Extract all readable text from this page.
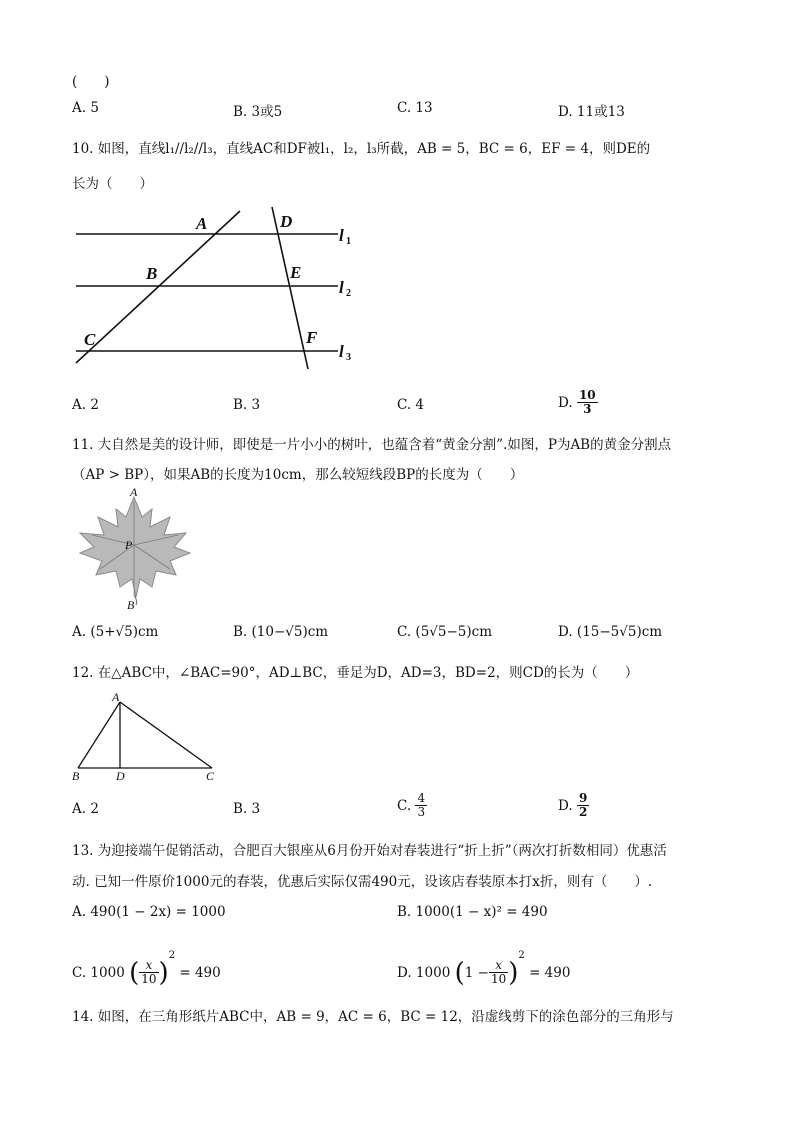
(　　)
A. 5	B. 3或5	C. 13	D. 11或13
10. 如图，直线l₁//l₂//l₃，直线AC和DF被l₁，l₂，l₃所截，AB = 5，BC = 6，EF = 4，则DE的
长为（　　）
A
B
C
D
E
F
l
l
l
1
2
3
A. 2	B. 3	C. 4	D. $\frac{10}{3}$
11. 大自然是美的设计师，即使是一片小小的树叶，也蕴含着“黄金分割”.如图，P为AB的黄金分割点
（AP > BP），如果AB的长度为10cm，那么较短线段BP的长度为（　　）
A
P
B
A. (5+√5)cm	B. (10−√5)cm	C. (5√5−5)cm	D. (15−5√5)cm
12. 在△ABC中，∠BAC=90°，AD⊥BC，垂足为D，AD=3，BD=2，则CD的长为（　　）
A
B	D	C
A. 2	B. 3	C. $\frac{4}{3}$	D. $\frac{9}{2}$
13. 为迎接端午促销活动，合肥百大银座从6月份开始对春装进行“折上折”（两次打折数相同）优惠活
动. 已知一件原价1000元的春装，优惠后实际仅需490元，设该店春装原本打x折，则有（　　）.
A. 490(1 − 2x) = 1000	B. 1000(1 − x)² = 490
C. 1000 ( $\frac{x}{10} )^2 = 490$	D. 1000 $(1 - \frac{x}{10} )^2 = 490$
14. 如图，在三角形纸片ABC中，AB = 9，AC = 6，BC = 12，沿虚线剪下的涂色部分的三角形与
